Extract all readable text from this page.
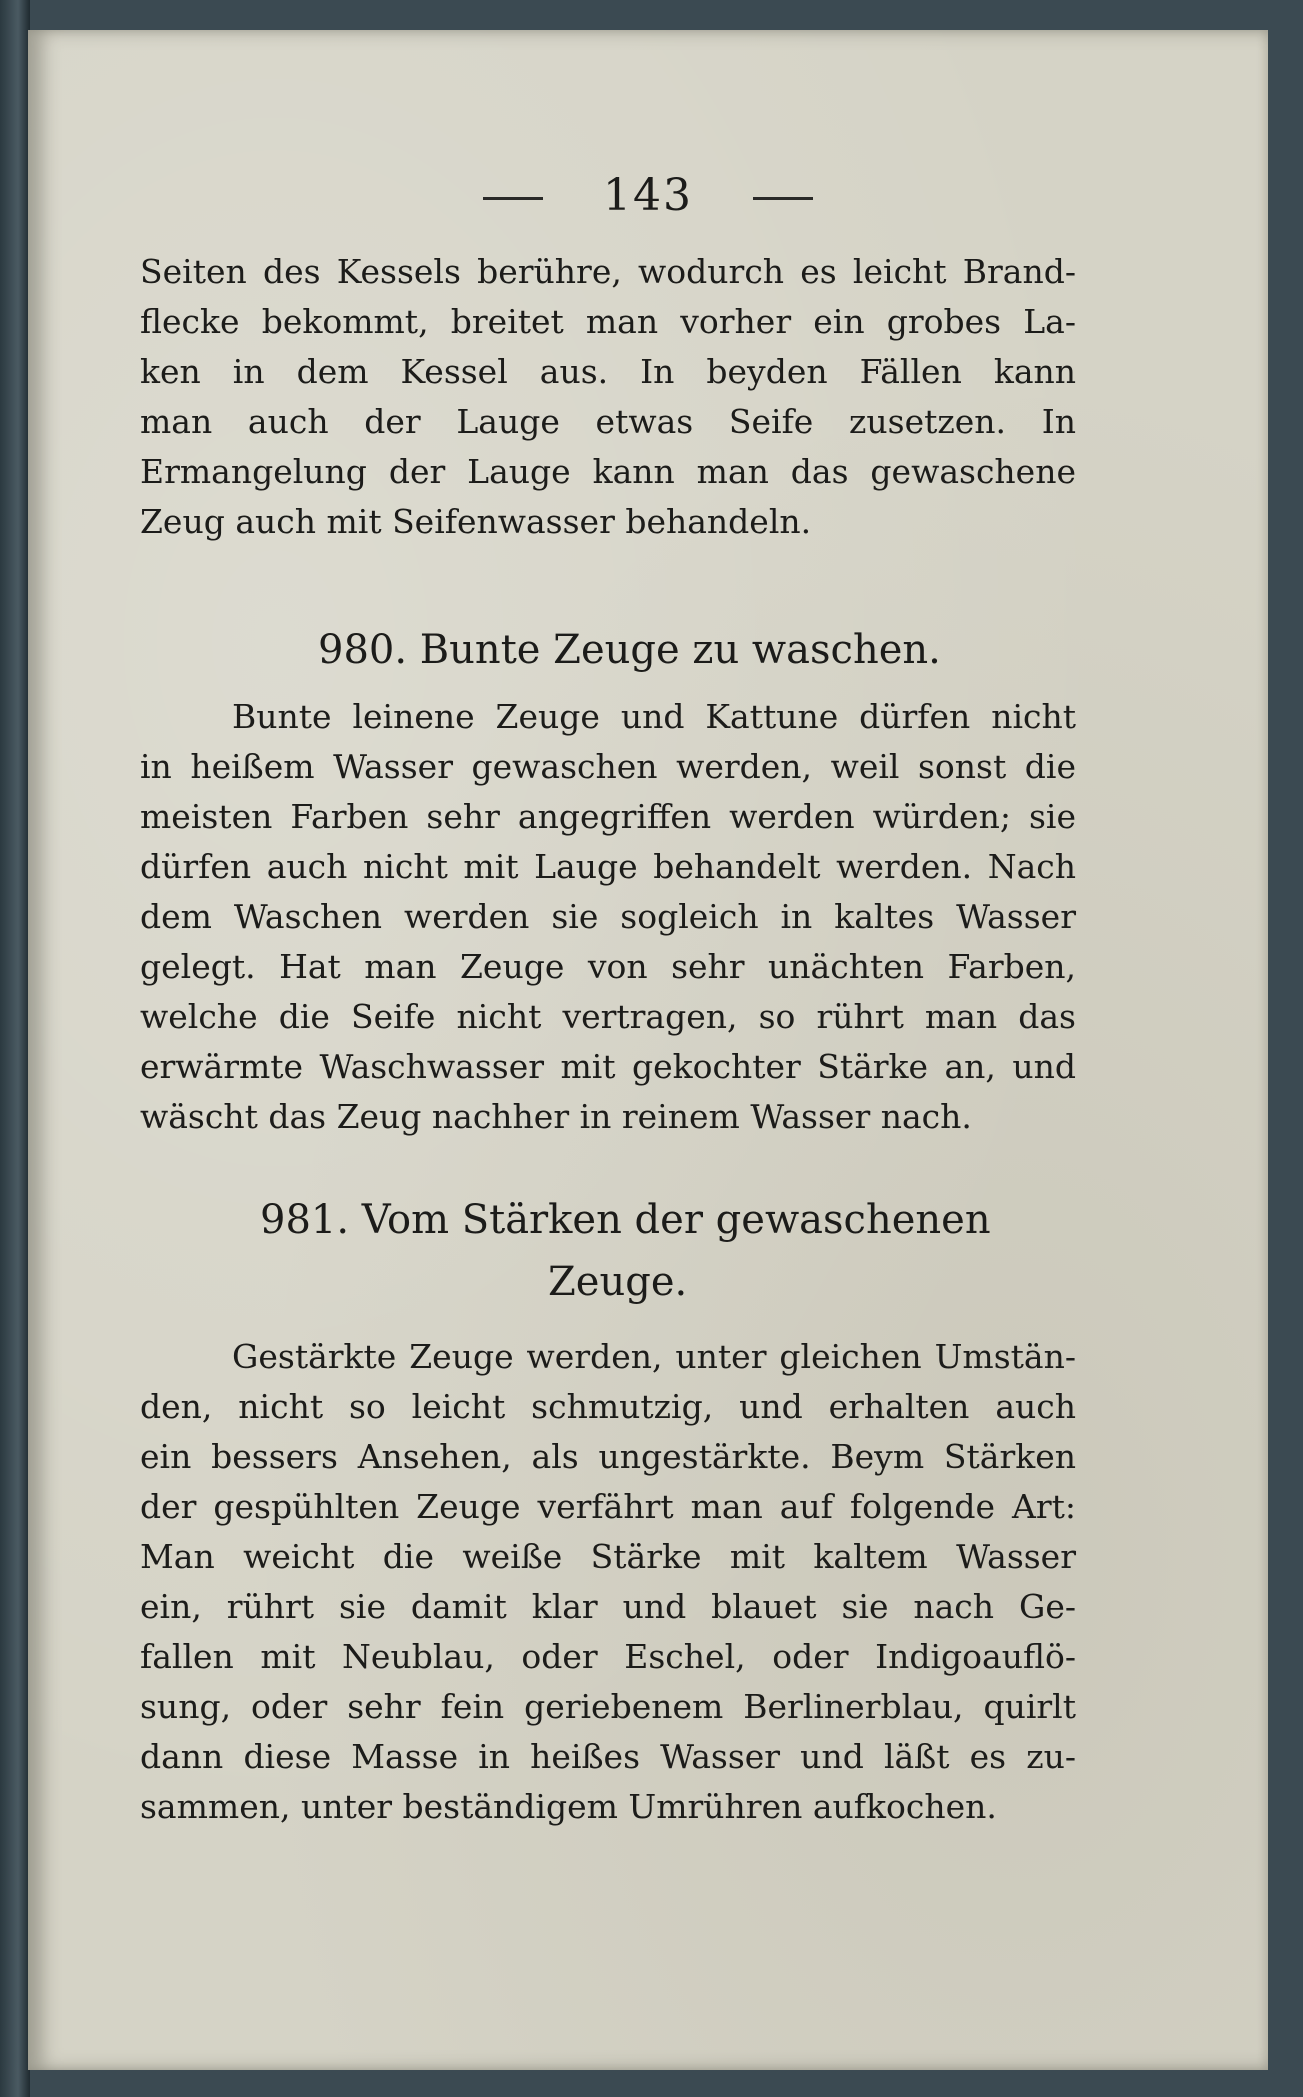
143
Seiten des Kessels berühre, wodurch es leicht Brand-
flecke bekommt, breitet man vorher ein grobes La-
ken in dem Kessel aus. In beyden Fällen kann
man auch der Lauge etwas Seife zusetzen. In
Ermangelung der Lauge kann man das gewaschene
Zeug auch mit Seifenwasser behandeln.
980. Bunte Zeuge zu waschen.
Bunte leinene Zeuge und Kattune dürfen nicht
in heißem Wasser gewaschen werden, weil sonst die
meisten Farben sehr angegriffen werden würden; sie
dürfen auch nicht mit Lauge behandelt werden. Nach
dem Waschen werden sie sogleich in kaltes Wasser
gelegt. Hat man Zeuge von sehr unächten Farben,
welche die Seife nicht vertragen, so rührt man das
erwärmte Waschwasser mit gekochter Stärke an, und
wäscht das Zeug nachher in reinem Wasser nach.
981. Vom Stärken der gewaschenen
Zeuge.
Gestärkte Zeuge werden, unter gleichen Umstän-
den, nicht so leicht schmutzig, und erhalten auch
ein bessers Ansehen, als ungestärkte. Beym Stärken
der gespühlten Zeuge verfährt man auf folgende Art:
Man weicht die weiße Stärke mit kaltem Wasser
ein, rührt sie damit klar und blauet sie nach Ge-
fallen mit Neublau, oder Eschel, oder Indigoauflö-
sung, oder sehr fein geriebenem Berlinerblau, quirlt
dann diese Masse in heißes Wasser und läßt es zu-
sammen, unter beständigem Umrühren aufkochen.
